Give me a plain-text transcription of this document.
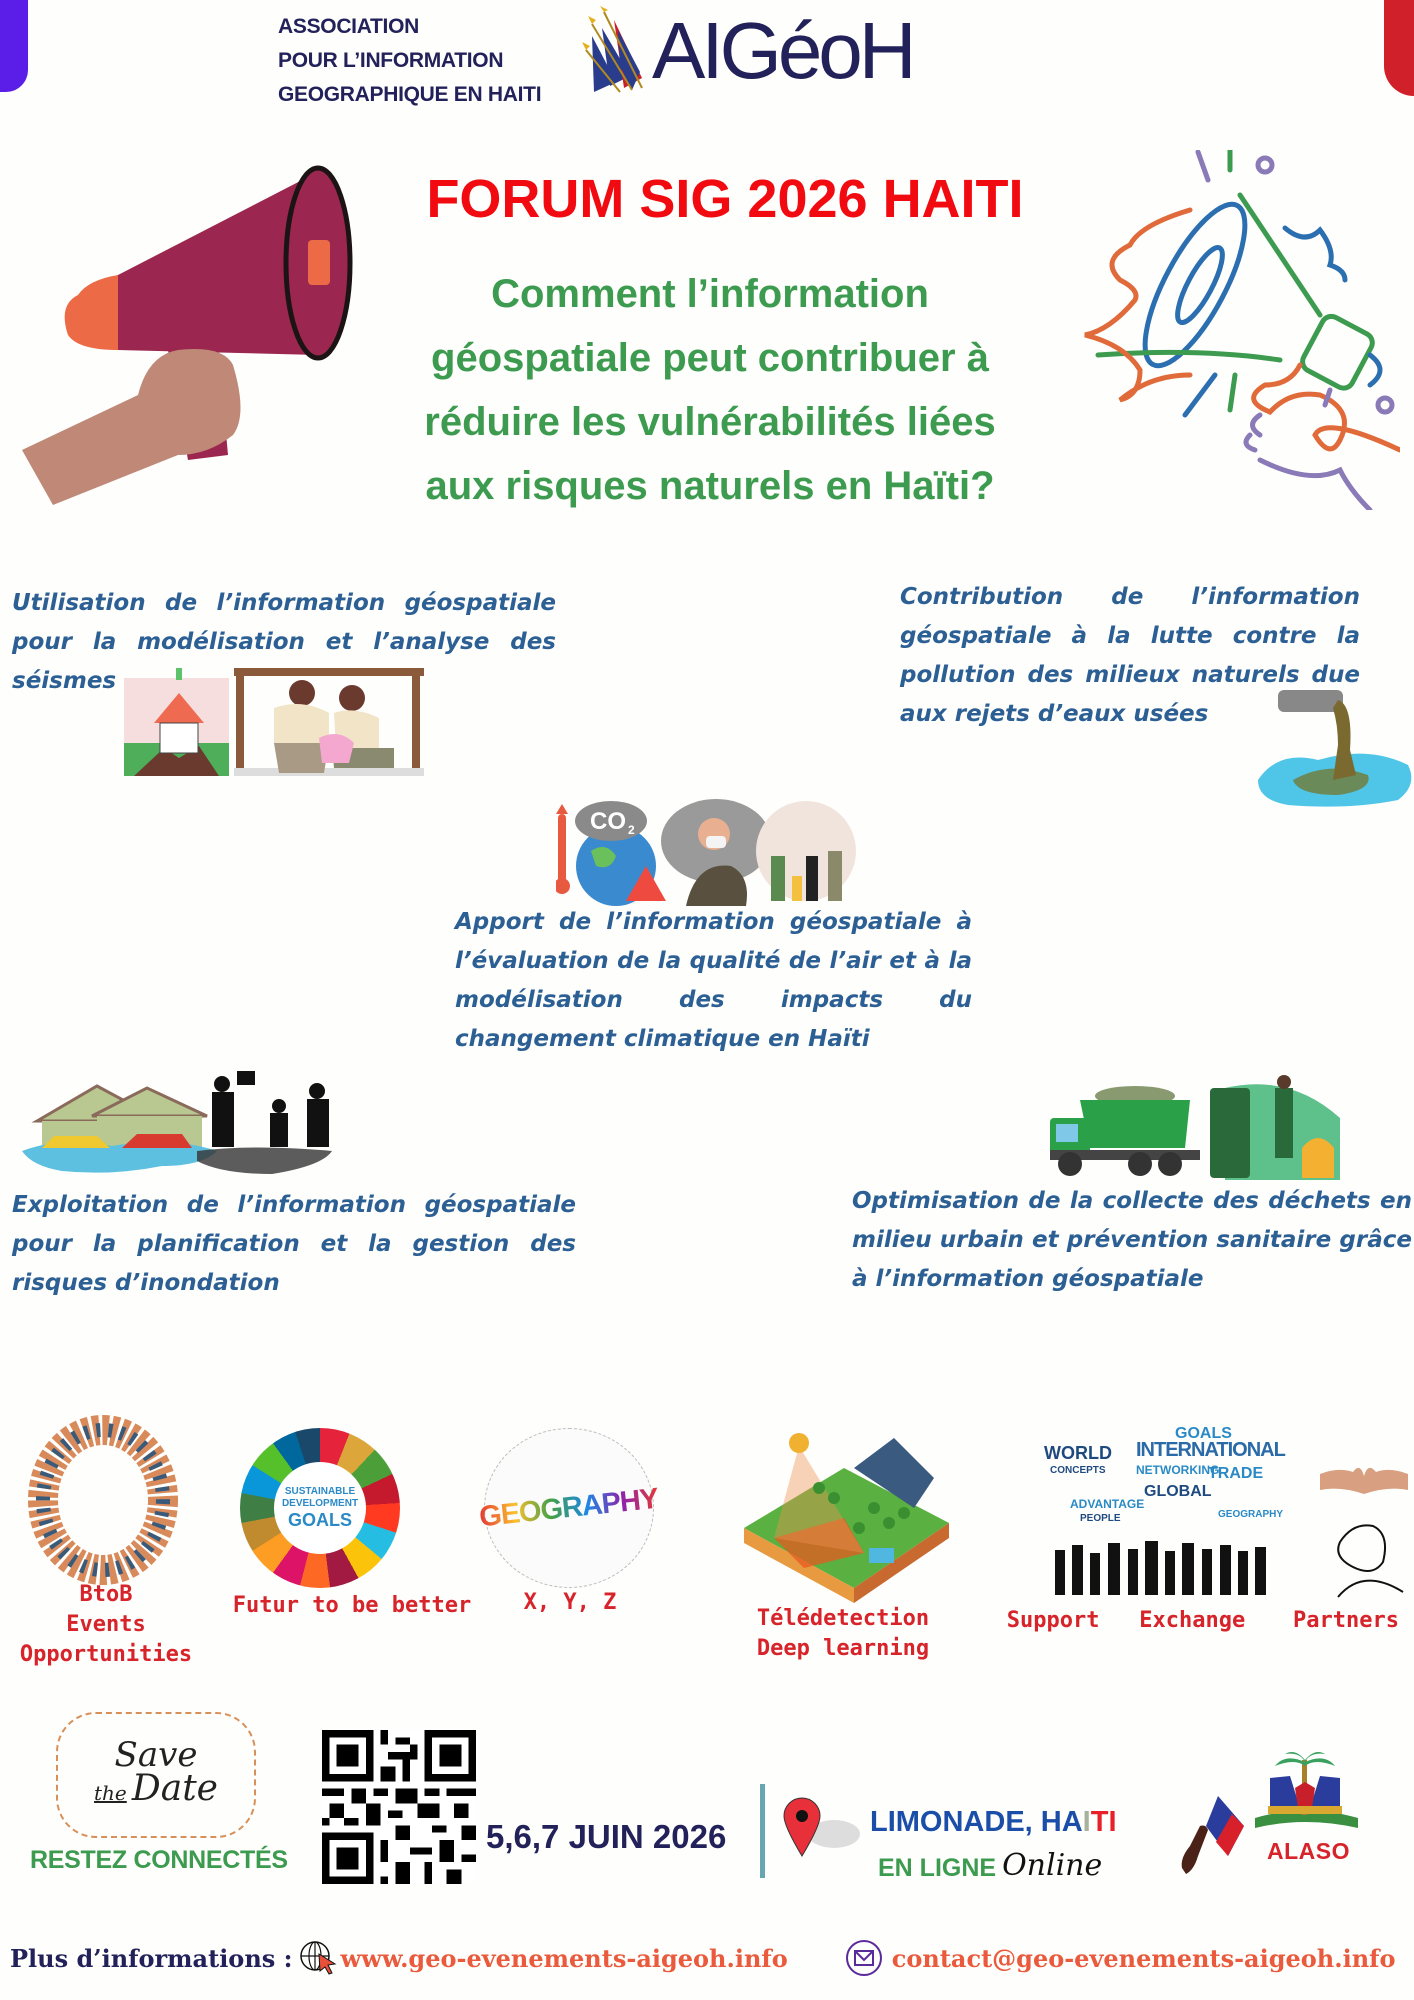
ASSOCIATION
POUR L’INFORMATION
GEOGRAPHIQUE EN HAITI AIGéoH
FORUM SIG 2026 HAITI
Comment l’information
géospatiale peut contribuer à
réduire les vulnérabilités liées
aux risques naturels en Haïti?
Utilisation de l’information géospatiale pour la modélisation et l’analyse des séismes
Contribution de l’information géospatiale à la lutte contre la pollution des milieux naturels due aux rejets d’eaux usées
CO 2
Apport de l’information géospatiale à l’évaluation de la qualité de l’air et à la modélisation des impacts du changement climatique en Haïti
Exploitation de l’information géospatiale pour la planification et la gestion des risques d’inondation
Optimisation de la collecte des déchets en milieu urbain et prévention sanitaire grâce à l’information géospatiale
BtoB
Events
Opportunities
SUSTAINABLE
DEVELOPMENT
GOALS
Futur to be better
GEOGRAPHY
X, Y, Z
Télédetection
Deep learning
WORLD INTERNATIONAL
GOALS
NETWORKING
TRADE
GLOBAL
ADVANTAGE
GEOGRAPHY
CONCEPTS
PEOPLE
Support   Exchange	Partners
Save
the Date
RESTEZ CONNECTÉS
5,6,7 JUIN 2026	LIMONADE, HAITI
EN LIGNE Online	ALASO
Plus d’informations : www.geo-evenements-aigeoh.info	contact@geo-evenements-aigeoh.info
